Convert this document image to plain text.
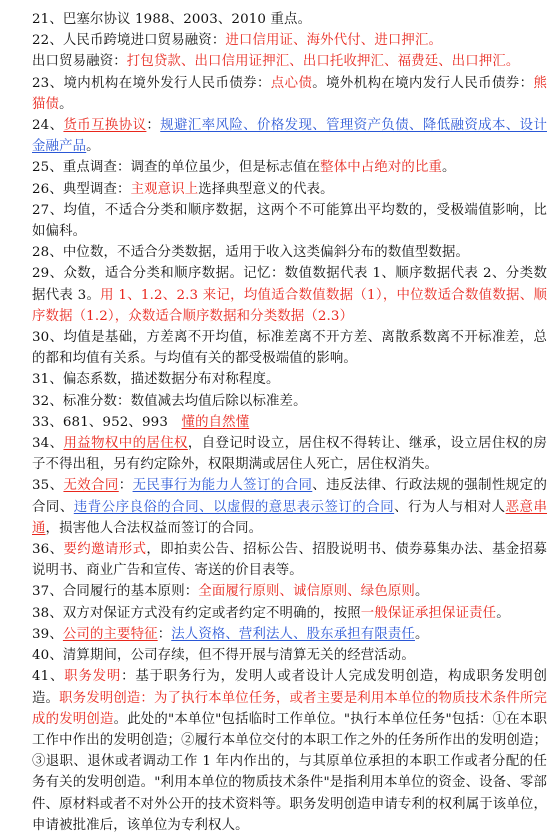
21、巴塞尔协议 1988、2003、2010 重点。

22、人民币跨境进口贸易融资：进口信用证、海外代付、进口押汇。

出口贸易融资：打包贷款、出口信用证押汇、出口托收押汇、福费廷、出口押汇。

23、境内机构在境外发行人民币债券：点心债。境外机构在境内发行人民币债券：熊猫债。

24、货币互换协议：规避汇率风险、价格发现、管理资产负债、降低融资成本、设计金融产品。

25、重点调查：调查的单位虽少，但是标志值在整体中占绝对的比重。

26、典型调查：主观意识上选择典型意义的代表。

27、均值，不适合分类和顺序数据，这两个不可能算出平均数的，受极端值影响，比如偏科。

28、中位数，不适合分类数据，适用于收入这类偏斜分布的数值型数据。

29、众数，适合分类和顺序数据。记忆：数值数据代表 1、顺序数据代表 2、分类数据代表 3。用 1、1.2、2.3 来记，均值适合数值数据（1），中位数适合数值数据、顺序数据（1.2），众数适合顺序数据和分类数据（2.3）

30、均值是基础，方差离不开均值，标准差离不开方差、离散系数离不开标准差，总的都和均值有关系。与均值有关的都受极端值的影响。

31、偏态系数，描述数据分布对称程度。

32、标准分数：数值减去均值后除以标准差。

33、681、952、993　懂的自然懂

34、用益物权中的居住权，自登记时设立，居住权不得转让、继承，设立居住权的房子不得出租，另有约定除外，权限期满或居住人死亡，居住权消失。

35、无效合同：无民事行为能力人签订的合同、违反法律、行政法规的强制性规定的合同、违背公序良俗的合同、以虚假的意思表示签订的合同、行为人与相对人恶意串通，损害他人合法权益而签订的合同。

36、要约邀请形式，即拍卖公告、招标公告、招股说明书、债券募集办法、基金招募说明书、商业广告和宣传、寄送的价目表等。

37、合同履行的基本原则：全面履行原则、诚信原则、绿色原则。

38、双方对保证方式没有约定或者约定不明确的，按照一般保证承担保证责任。

39、公司的主要特征：法人资格、营利法人、股东承担有限责任。

40、清算期间，公司存续，但不得开展与清算无关的经营活动。

41、职务发明：基于职务行为，发明人或者设计人完成发明创造，构成职务发明创造。职务发明创造：为了执行本单位任务，或者主要是利用本单位的物质技术条件所完成的发明创造。此处的"本单位"包括临时工作单位。"执行本单位任务"包括：①在本职工作中作出的发明创造；②履行本单位交付的本职工作之外的任务所作出的发明创造；③退职、退休或者调动工作 1 年内作出的，与其原单位承担的本职工作或者分配的任务有关的发明创造。"利用本单位的物质技术条件"是指利用本单位的资金、设备、零部件、原材料或者不对外公开的技术资料等。职务发明创造申请专利的权利属于该单位，申请被批准后，该单位为专利权人。
